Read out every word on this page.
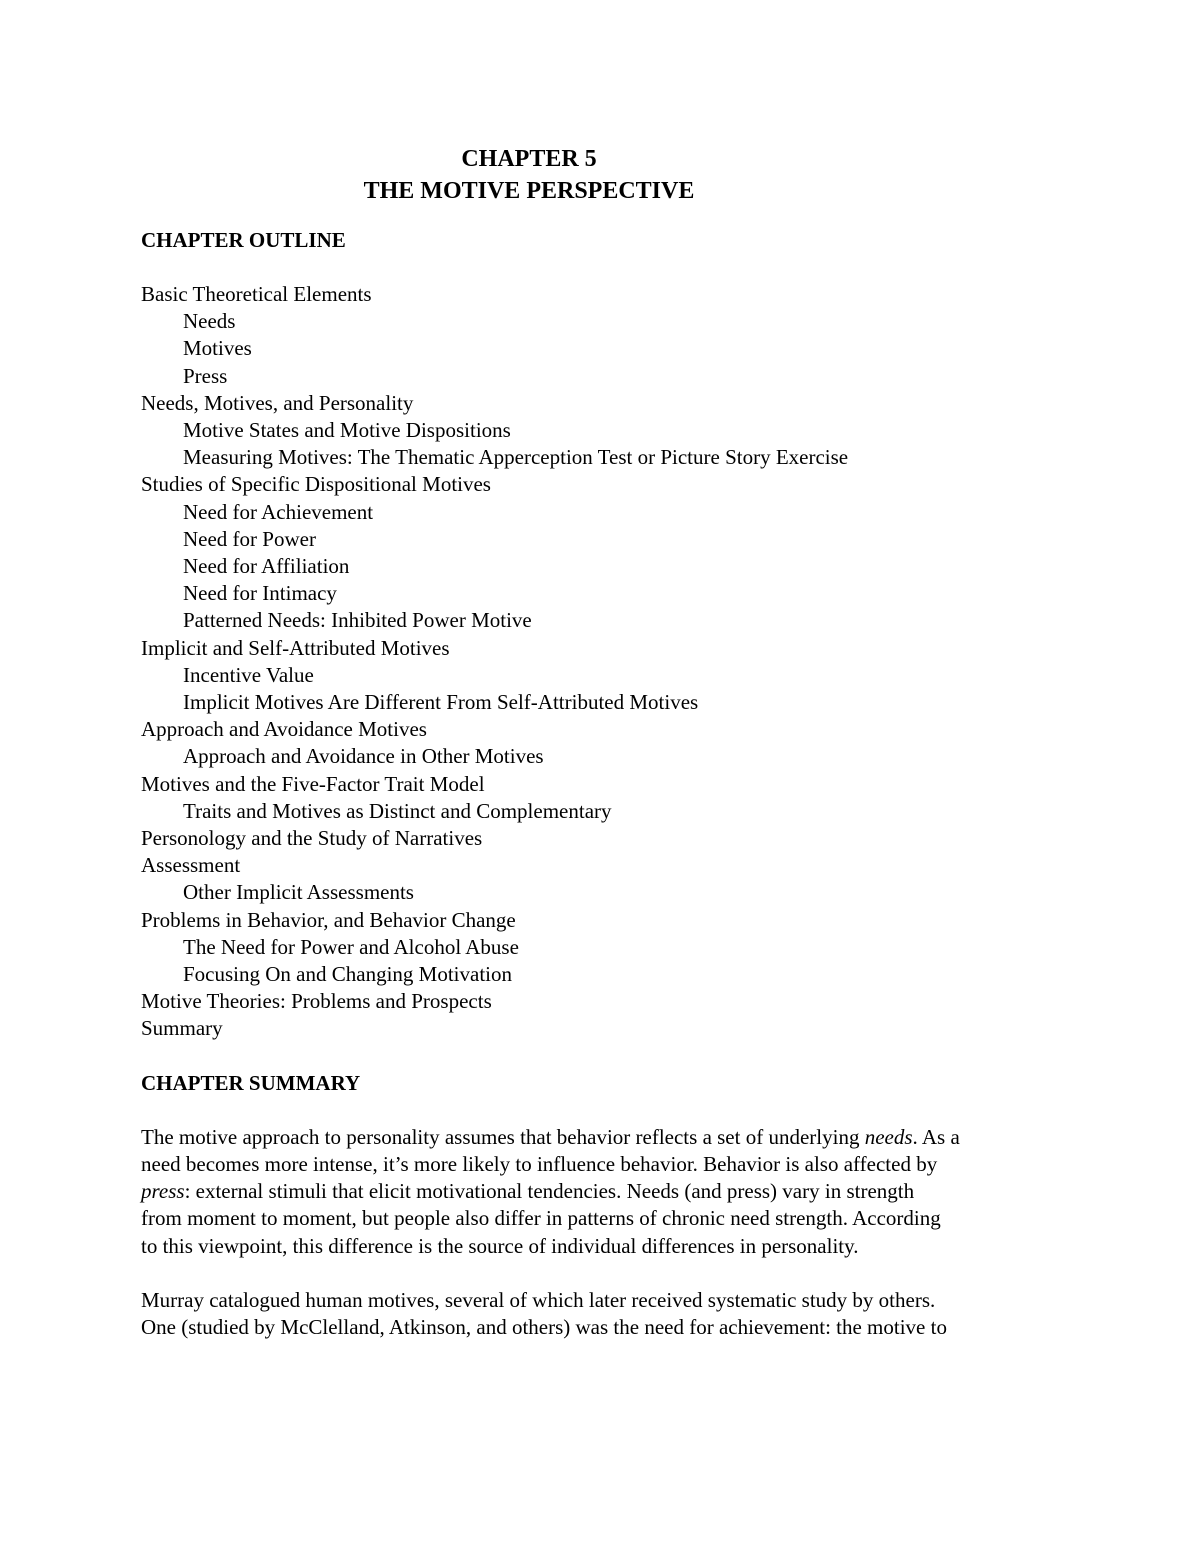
CHAPTER 5
THE MOTIVE PERSPECTIVE
CHAPTER OUTLINE
Basic Theoretical Elements
Needs
Motives
Press
Needs, Motives, and Personality
Motive States and Motive Dispositions
Measuring Motives: The Thematic Apperception Test or Picture Story Exercise
Studies of Specific Dispositional Motives
Need for Achievement
Need for Power
Need for Affiliation
Need for Intimacy
Patterned Needs: Inhibited Power Motive
Implicit and Self-Attributed Motives
Incentive Value
Implicit Motives Are Different From Self-Attributed Motives
Approach and Avoidance Motives
Approach and Avoidance in Other Motives
Motives and the Five-Factor Trait Model
Traits and Motives as Distinct and Complementary
Personology and the Study of Narratives
Assessment
Other Implicit Assessments
Problems in Behavior, and Behavior Change
The Need for Power and Alcohol Abuse
Focusing On and Changing Motivation
Motive Theories: Problems and Prospects
Summary
CHAPTER SUMMARY

The motive approach to personality assumes that behavior reflects a set of underlying needs. As a
need becomes more intense, it’s more likely to influence behavior. Behavior is also affected by
press: external stimuli that elicit motivational tendencies. Needs (and press) vary in strength
from moment to moment, but people also differ in patterns of chronic need strength. According
to this viewpoint, this difference is the source of individual differences in personality.

Murray catalogued human motives, several of which later received systematic study by others.
One (studied by McClelland, Atkinson, and others) was the need for achievement: the motive to
